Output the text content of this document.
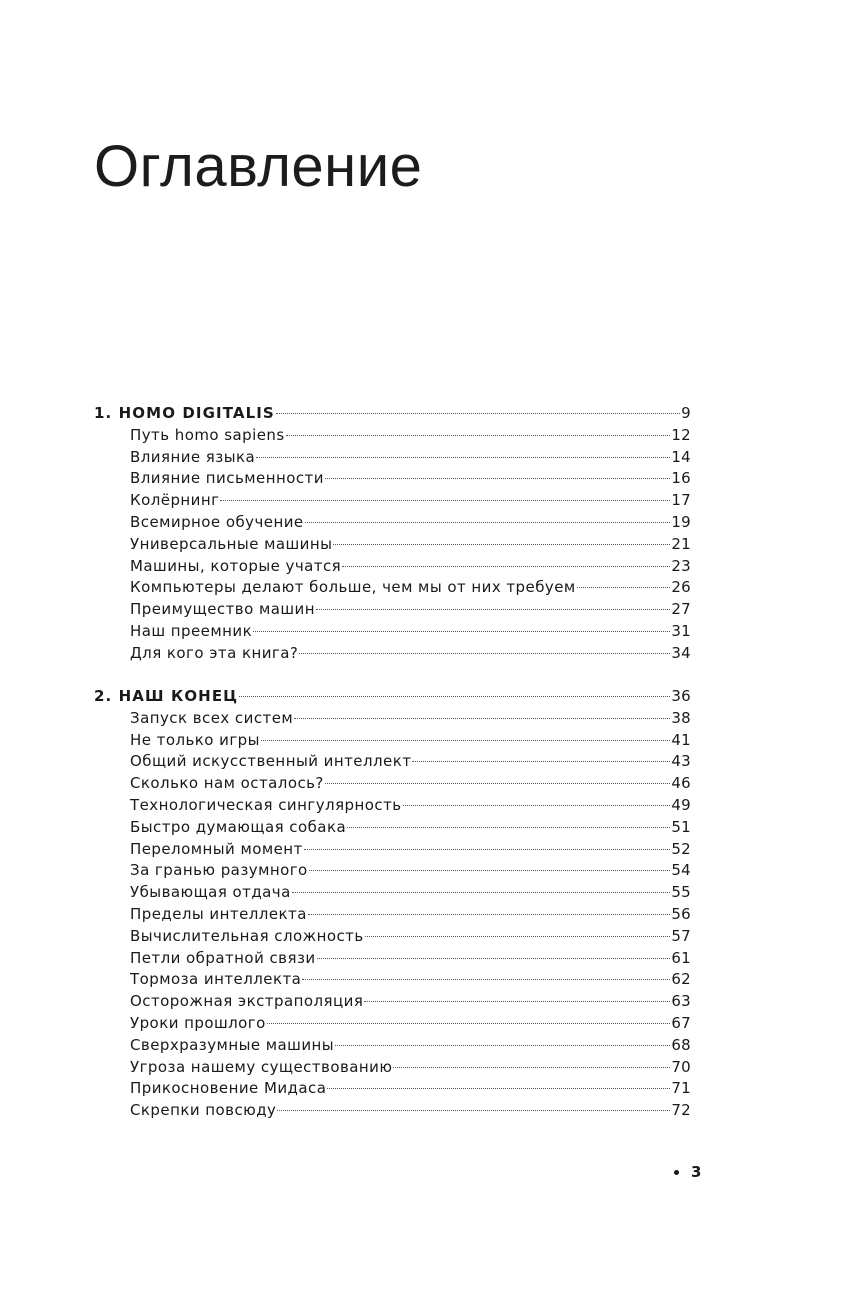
Оглавление
1. HOMO DIGITALIS	9
Путь homo sapiens	12
Влияние языка	14
Влияние письменности	16
Колёрнинг	17
Всемирное обучение	19
Универсальные машины	21
Машины, которые учатся	23
Компьютеры делают больше, чем мы от них требуем	26
Преимущество машин	27
Наш преемник	31
Для кого эта книга?	34
2. НАШ КОНЕЦ	36
Запуск всех систем	38
Не только игры	41
Общий искусственный интеллект	43
Сколько нам осталось?	46
Технологическая сингулярность	49
Быстро думающая собака	51
Переломный момент	52
За гранью разумного	54
Убывающая отдача	55
Пределы интеллекта	56
Вычислительная сложность	57
Петли обратной связи	61
Тормоза интеллекта	62
Осторожная экстраполяция	63
Уроки прошлого	67
Сверхразумные машины	68
Угроза нашему существованию	70
Прикосновение Мидаса	71
Скрепки повсюду	72
3
